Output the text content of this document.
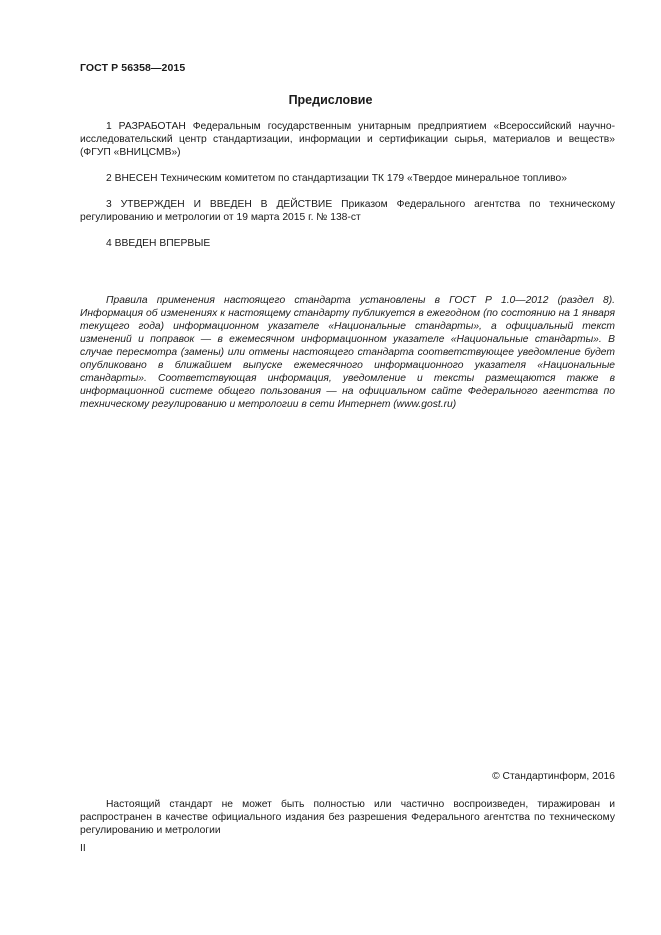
ГОСТ Р 56358—2015
Предисловие

1 РАЗРАБОТАН Федеральным государственным унитарным предприятием «Всероссийский научно-исследовательский центр стандартизации, информации и сертификации сырья, материалов и веществ» (ФГУП «ВНИЦСМВ»)

2 ВНЕСЕН Техническим комитетом по стандартизации ТК 179 «Твердое минеральное топливо»

3 УТВЕРЖДЕН И ВВЕДЕН В ДЕЙСТВИЕ Приказом Федерального агентства по техническому регулированию и метрологии от 19 марта 2015 г. № 138-ст

4 ВВЕДЕН ВПЕРВЫЕ

Правила применения настоящего стандарта установлены в ГОСТ Р 1.0—2012 (раздел 8). Информация об изменениях к настоящему стандарту публикуется в ежегодном (по состоянию на 1 января текущего года) информационном указателе «Национальные стандарты», а официальный текст изменений и поправок — в ежемесячном информационном указателе «Национальные стандарты». В случае пересмотра (замены) или отмены настоящего стандарта соответствующее уведомление будет опубликовано в ближайшем выпуске ежемесячного информационного указателя «Национальные стандарты». Соответствующая информация, уведомление и тексты размещаются также в информационной системе общего пользования — на официальном сайте Федерального агентства по техническому регулированию и метрологии в сети Интернет (www.gost.ru)
© Стандартинформ, 2016
Настоящий стандарт не может быть полностью или частично воспроизведен, тиражирован и распространен в качестве официального издания без разрешения Федерального агентства по техническому регулированию и метрологии
II
